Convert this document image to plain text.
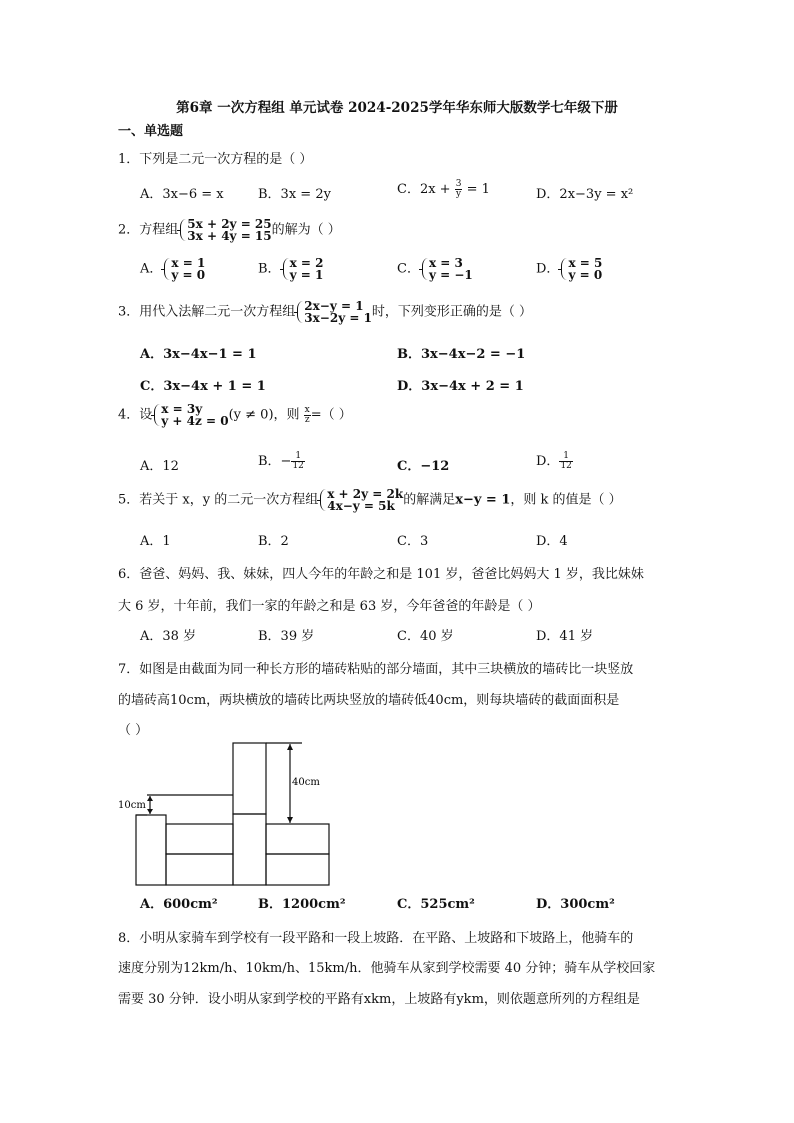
第6章 一次方程组 单元试卷 2024-2025学年华东师大版数学七年级下册
一、单选题
1．下列是二元一次方程的是（ ）
A．3x−6 = x	B．3x = 2y	C．$2x + \frac{3}{y} = 1$	D．2x−3y = x²
2．方程组 5x + 2y = 25
3x + 4y = 15 的解为（ ）
A． x = 1
y = 0	B． x = 2
y = 1	C． x = 3
y = −1	D． x = 5
y = 0
3．用代入法解二元一次方程组 2x−y = 1
3x−2y = 1 时，下列变形正确的是（ ）
A．3x−4x−1 = 1	B．3x−4x−2 = −1
C．3x−4x + 1 = 1	D．3x−4x + 2 = 1
4．设 x = 3y
y + 4z = 0 (y ≠ 0)，则 $\frac{x}{z}$ =（ ）
A．12	B．− $\frac{1}{12}$	C．−12	D． $\frac{1}{12}$
5．若关于 x，y 的二元一次方程组 x + 2y = 2k
4x−y = 5k 的解满足x−y = 1，则 k 的值是（ ）
A．1	B．2	C．3	D．4
6．爸爸、妈妈、我、妹妹，四人今年的年龄之和是 101 岁，爸爸比妈妈大 1 岁，我比妹妹
大 6 岁，十年前，我们一家的年龄之和是 63 岁，今年爸爸的年龄是（ ）
A．38 岁	B．39 岁	C．40 岁	D．41 岁
7．如图是由截面为同一种长方形的墙砖粘贴的部分墙面，其中三块横放的墙砖比一块竖放
的墙砖高10cm，两块横放的墙砖比两块竖放的墙砖低40cm，则每块墙砖的截面面积是
（ ）
40cm
10cm
A．600cm²	B．1200cm²	C．525cm²	D．300cm²
8．小明从家骑车到学校有一段平路和一段上坡路．在平路、上坡路和下坡路上，他骑车的
速度分别为12km/h、10km/h、15km/h．他骑车从家到学校需要 40 分钟；骑车从学校回家
需要 30 分钟．设小明从家到学校的平路有xkm，上坡路有ykm，则依题意所列的方程组是
